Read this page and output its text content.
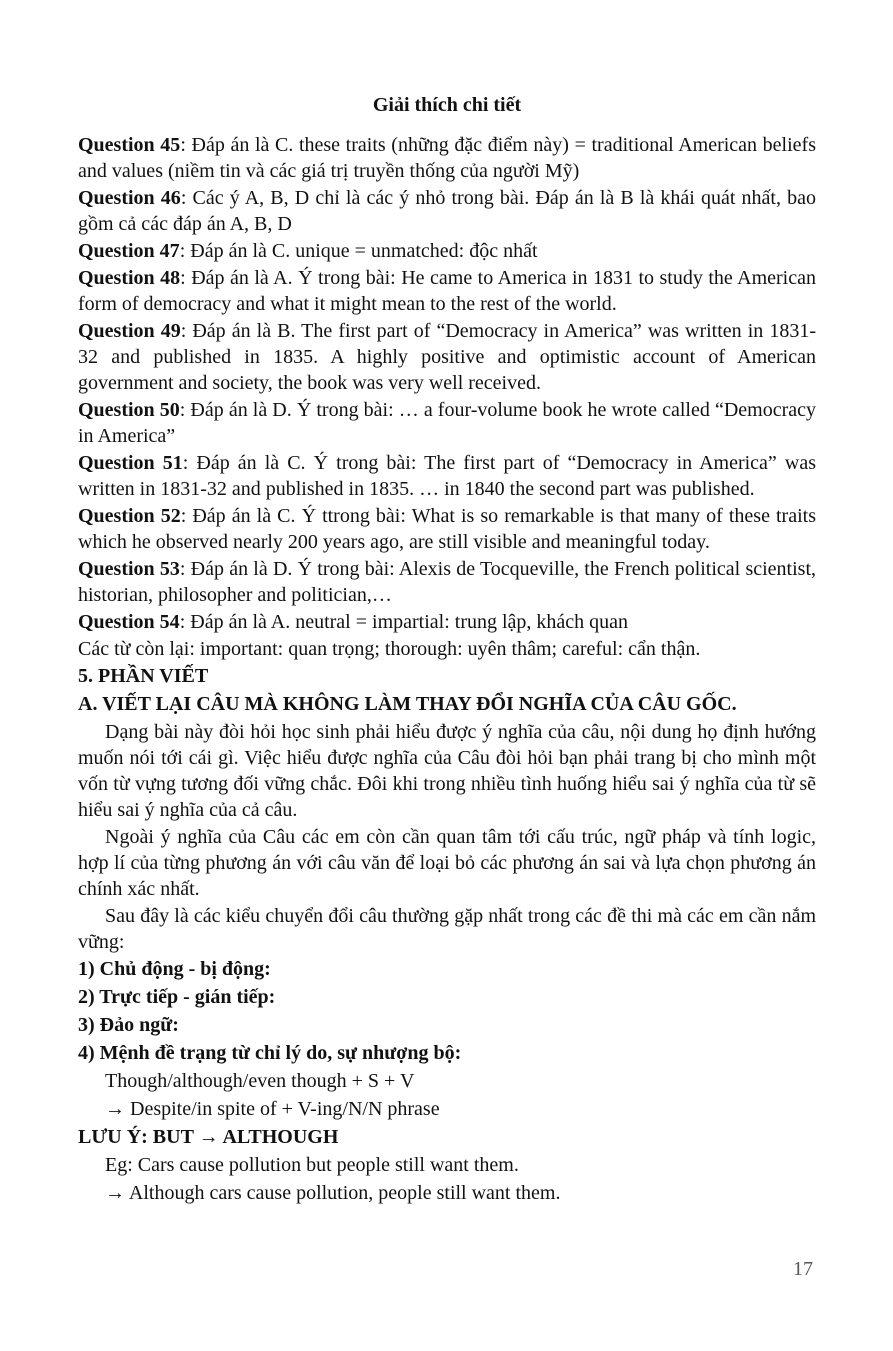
Giải thích chi tiết
Question 45: Đáp án là C. these traits (những đặc điểm này) = traditional American beliefs and values (niềm tin và các giá trị truyền thống của người Mỹ)
Question 46: Các ý A, B, D chỉ là các ý nhỏ trong bài. Đáp án là B là khái quát nhất, bao gồm cả các đáp án A, B, D
Question 47: Đáp án là C. unique = unmatched: độc nhất
Question 48: Đáp án là A. Ý trong bài: He came to America in 1831 to study the American form of democracy and what it might mean to the rest of the world.
Question 49: Đáp án là B. The first part of “Democracy in America” was written in 1831-32 and published in 1835. A highly positive and optimistic account of American government and society, the book was very well received.
Question 50: Đáp án là D. Ý trong bài: … a four-volume book he wrote called “Democracy in America”
Question 51: Đáp án là C. Ý trong bài: The first part of “Democracy in America” was written in 1831-32 and published in 1835. … in 1840 the second part was published.
Question 52: Đáp án là C. Ý ttrong bài: What is so remarkable is that many of these traits which he observed nearly 200 years ago, are still visible and meaningful today.
Question 53: Đáp án là D. Ý trong bài: Alexis de Tocqueville, the French political scientist, historian, philosopher and politician,…
Question 54: Đáp án là A. neutral = impartial: trung lập, khách quan
Các từ còn lại: important: quan trọng; thorough: uyên thâm; careful: cẩn thận.
5. PHẦN VIẾT
A. VIẾT LẠI CÂU MÀ KHÔNG LÀM THAY ĐỔI NGHĨA CỦA CÂU GỐC.
Dạng bài này đòi hỏi học sinh phải hiểu được ý nghĩa của câu, nội dung họ định hướng muốn nói tới cái gì. Việc hiểu được nghĩa của Câu đòi hỏi bạn phải trang bị cho mình một vốn từ vựng tương đối vững chắc. Đôi khi trong nhiều tình huống hiểu sai ý nghĩa của từ sẽ hiểu sai ý nghĩa của cả câu.
Ngoài ý nghĩa của Câu các em còn cần quan tâm tới cấu trúc, ngữ pháp và tính logic, hợp lí của từng phương án với câu văn để loại bỏ các phương án sai và lựa chọn phương án chính xác nhất.
Sau đây là các kiểu chuyển đổi câu thường gặp nhất trong các đề thi mà các em cần nắm vững:
1) Chủ động - bị động:
2) Trực tiếp - gián tiếp:
3) Đảo ngữ:
4) Mệnh đề trạng từ chỉ lý do, sự nhượng bộ:
Though/although/even though + S + V
→ Despite/in spite of + V-ing/N/N phrase
LƯU Ý: BUT → ALTHOUGH
Eg: Cars cause pollution but people still want them.
→ Although cars cause pollution, people still want them.
17
